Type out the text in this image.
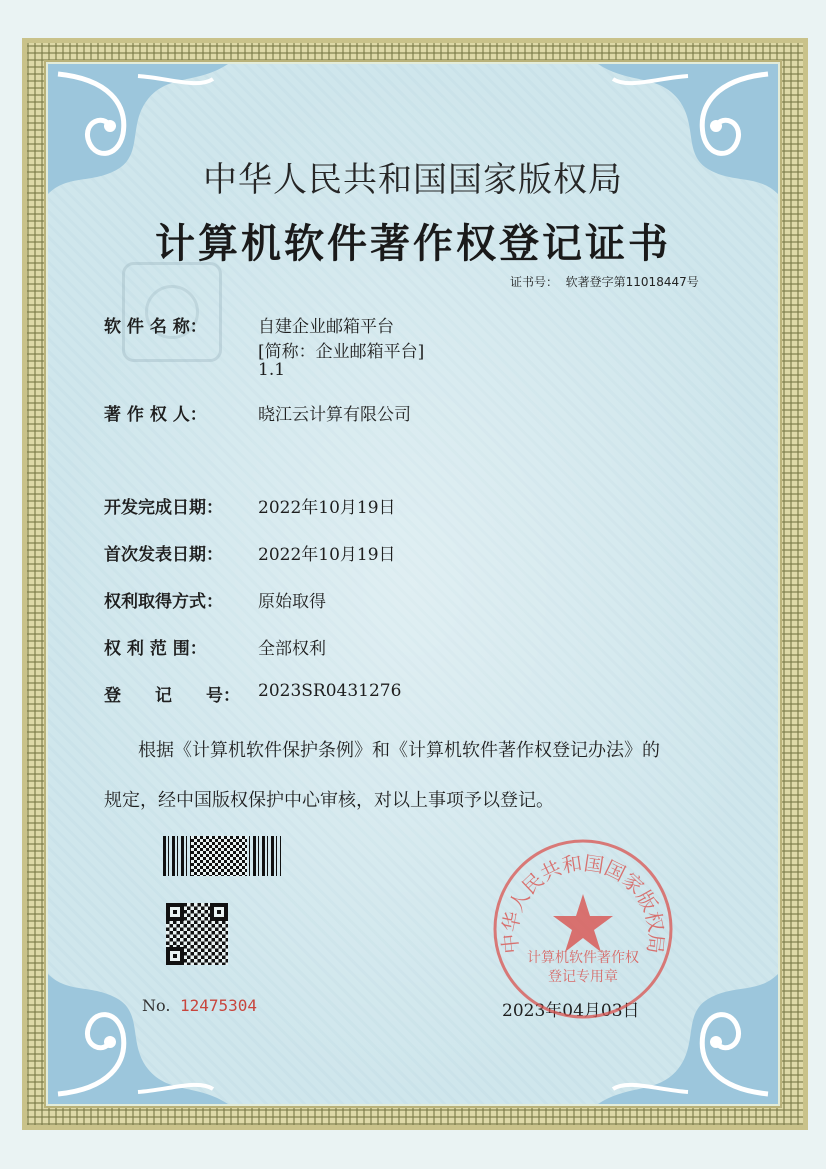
中华人民共和国国家版权局
计算机软件著作权登记证书
证书号： 软著登字第11018447号
软 件 名 称：	自建企业邮箱平台
[简称：企业邮箱平台]
1.1
著 作 权 人：	晓江云计算有限公司
开发完成日期： 2022年10月19日
首次发表日期： 2022年10月19日
权利取得方式： 原始取得
权 利 范 围：	全部权利
登　　记　　号： 2023SR0431276
根据《计算机软件保护条例》和《计算机软件著作权登记办法》的
规定，经中国版权保护中心审核，对以上事项予以登记。
No. 12475304	2023年04月03日
中华人民共和国国家版权局
计算机软件著作权
登记专用章
